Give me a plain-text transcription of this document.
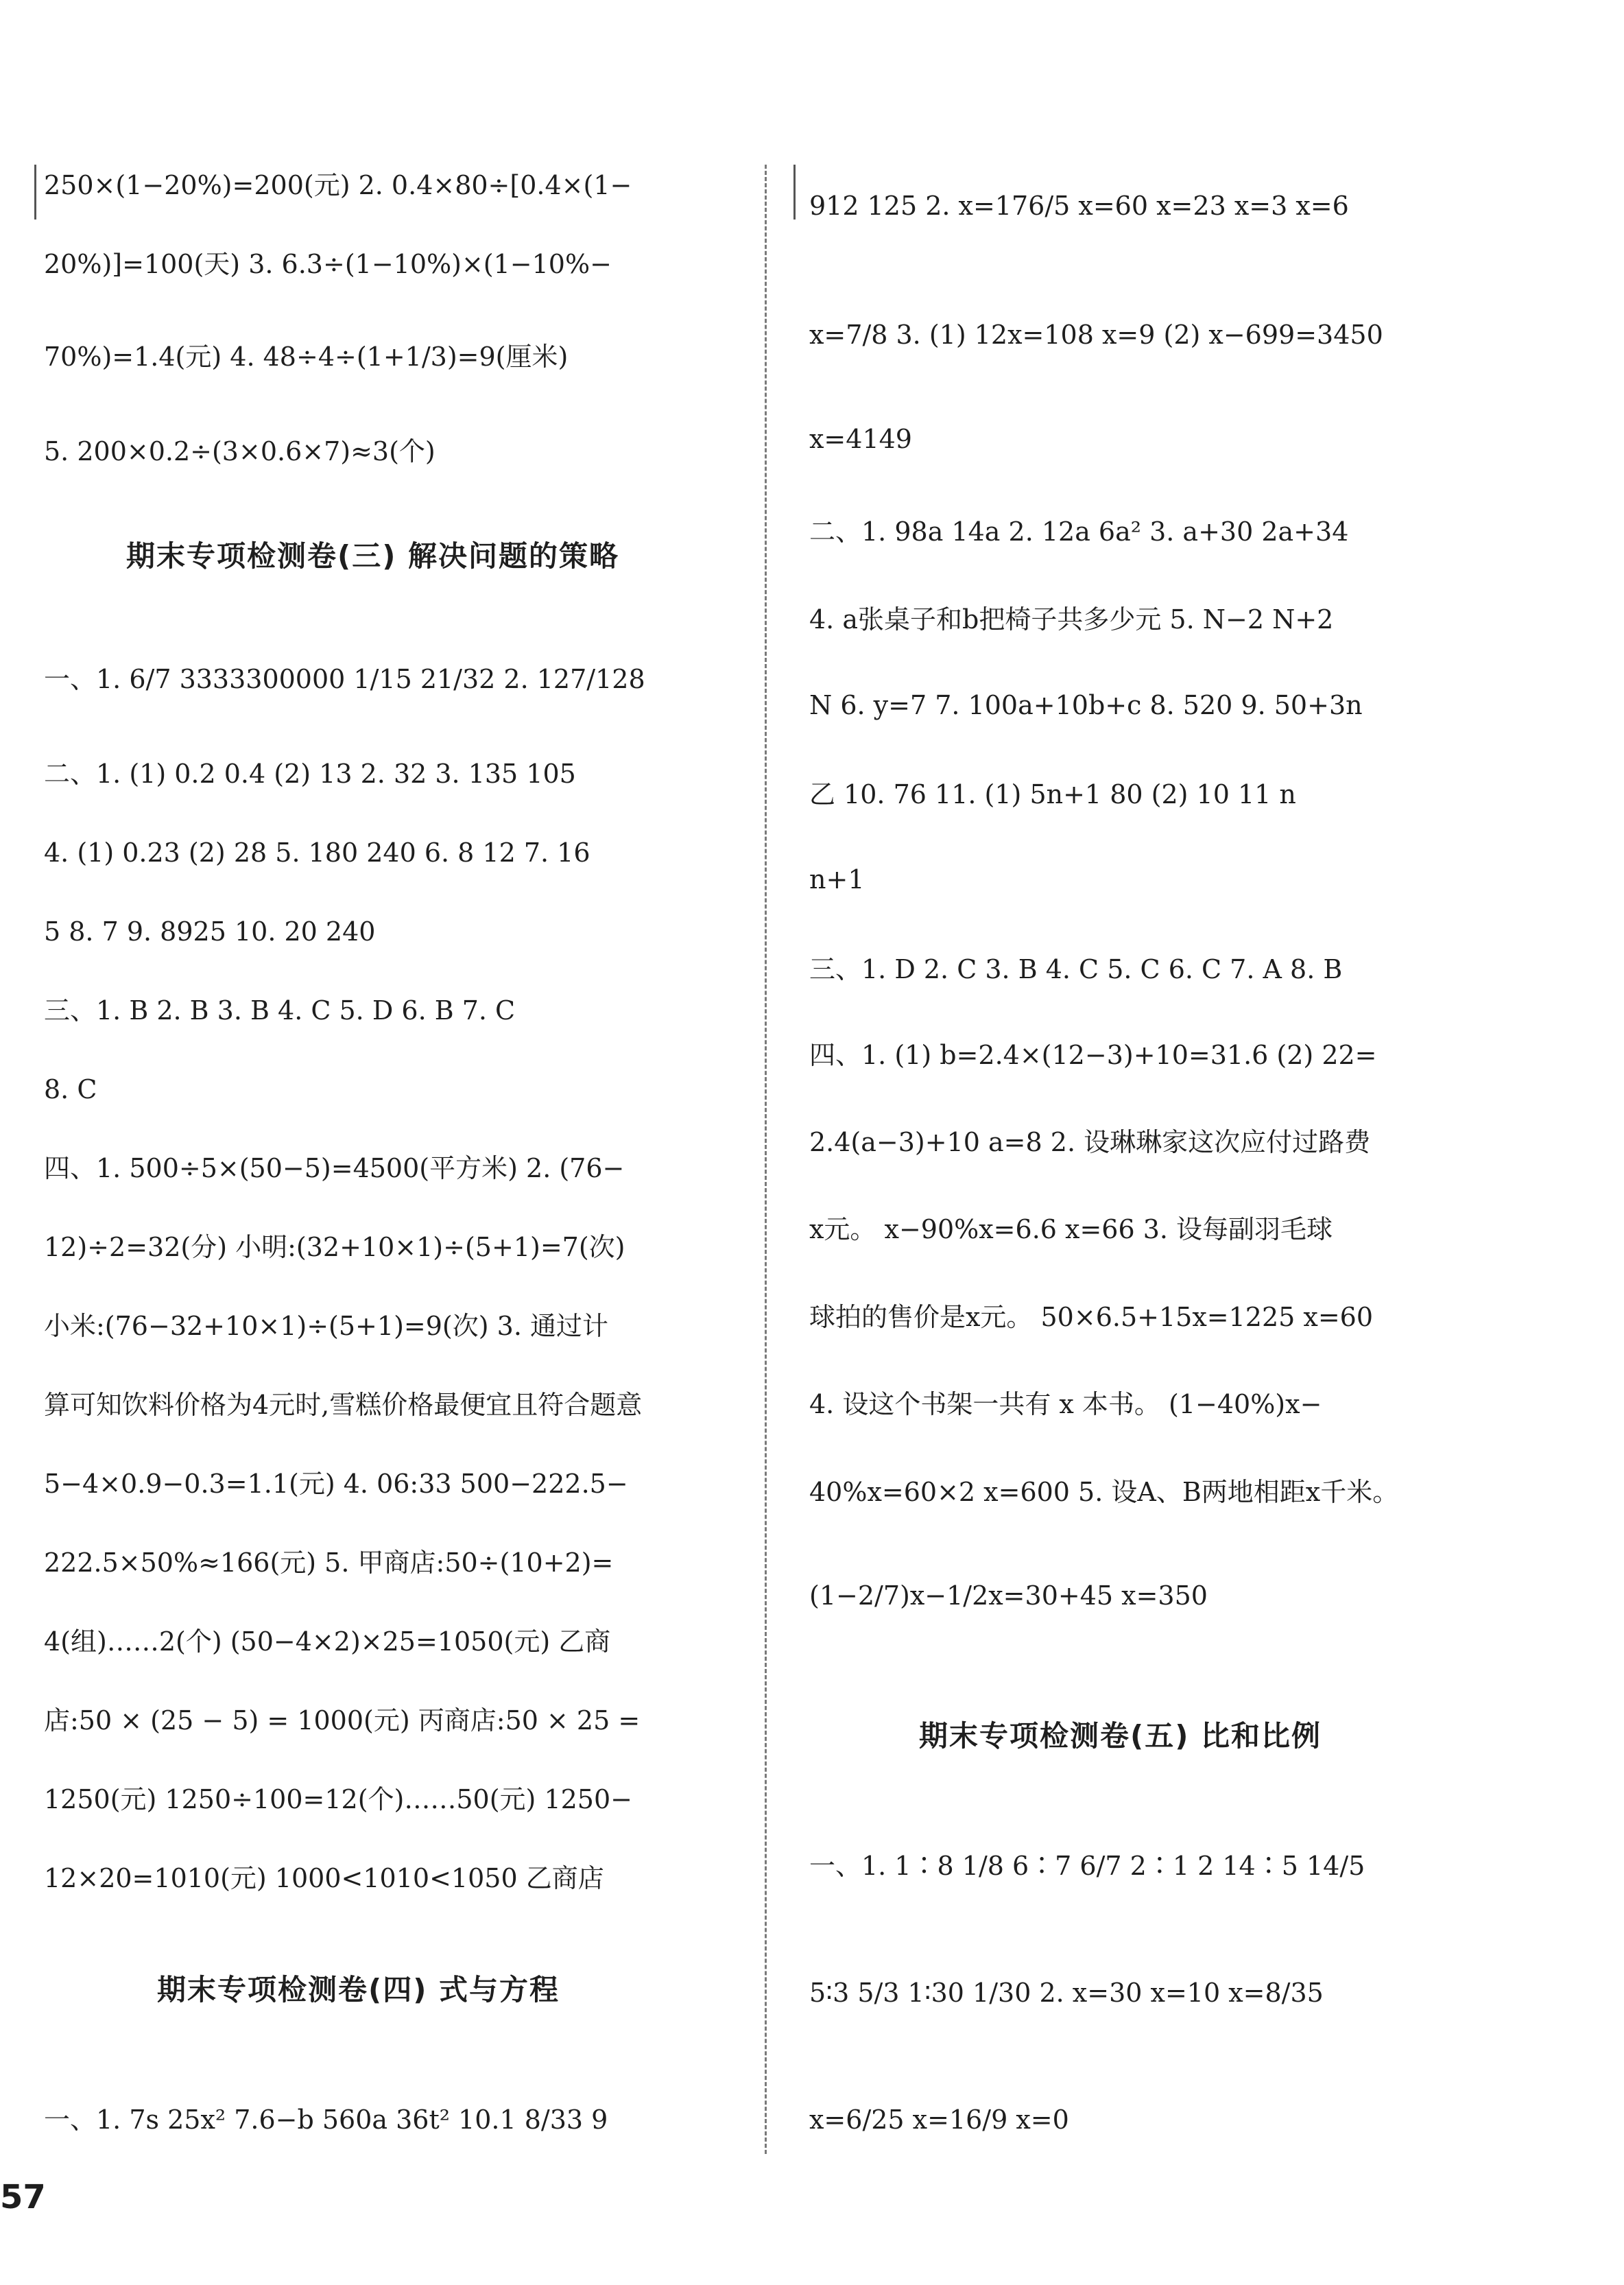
250×(1−20%)=200(元) 2. 0.4×80÷[0.4×(1−
20%)]=100(天) 3. 6.3÷(1−10%)×(1−10%−
70%)=1.4(元) 4. 48÷4÷(1+1/3)=9(厘米)
5. 200×0.2÷(3×0.6×7)≈3(个)
期末专项检测卷(三) 解决问题的策略
一、1. 6/7 3333300000 1/15 21/32 2. 127/128
二、1. (1) 0.2 0.4 (2) 13 2. 32 3. 135 105
4. (1) 0.23 (2) 28 5. 180 240 6. 8 12 7. 16
5 8. 7 9. 8925 10. 20 240
三、1. B 2. B 3. B 4. C 5. D 6. B 7. C
8. C
四、1. 500÷5×(50−5)=4500(平方米) 2. (76−
12)÷2=32(分) 小明:(32+10×1)÷(5+1)=7(次)
小米:(76−32+10×1)÷(5+1)=9(次) 3. 通过计
算可知饮料价格为4元时,雪糕价格最便宜且符合题意
5−4×0.9−0.3=1.1(元) 4. 06:33 500−222.5−
222.5×50%≈166(元) 5. 甲商店:50÷(10+2)=
4(组)……2(个) (50−4×2)×25=1050(元) 乙商
店:50 × (25 − 5) = 1000(元) 丙商店:50 × 25 =
1250(元) 1250÷100=12(个)……50(元) 1250−
12×20=1010(元) 1000<1010<1050 乙商店
期末专项检测卷(四) 式与方程
一、1. 7s 25x² 7.6−b 560a 36t² 10.1 8/33 9
912 125 2. x=176/5 x=60 x=23 x=3 x=6
x=7/8 3. (1) 12x=108 x=9 (2) x−699=3450
x=4149
二、1. 98a 14a 2. 12a 6a² 3. a+30 2a+34
4. a张桌子和b把椅子共多少元 5. N−2 N+2
N 6. y=7 7. 100a+10b+c 8. 520 9. 50+3n
乙 10. 76 11. (1) 5n+1 80 (2) 10 11 n
n+1
三、1. D 2. C 3. B 4. C 5. C 6. C 7. A 8. B
四、1. (1) b=2.4×(12−3)+10=31.6 (2) 22=
2.4(a−3)+10 a=8 2. 设琳琳家这次应付过路费
x元。 x−90%x=6.6 x=66 3. 设每副羽毛球
球拍的售价是x元。 50×6.5+15x=1225 x=60
4. 设这个书架一共有 x 本书。 (1−40%)x−
40%x=60×2 x=600 5. 设A、B两地相距x千米。
(1−2/7)x−1/2x=30+45 x=350
期末专项检测卷(五) 比和比例
一、1. 1∶8 1/8 6∶7 6/7 2∶1 2 14∶5 14/5
5∶3 5/3 1∶30 1/30 2. x=30 x=10 x=8/35
x=6/25 x=16/9 x=0
57
